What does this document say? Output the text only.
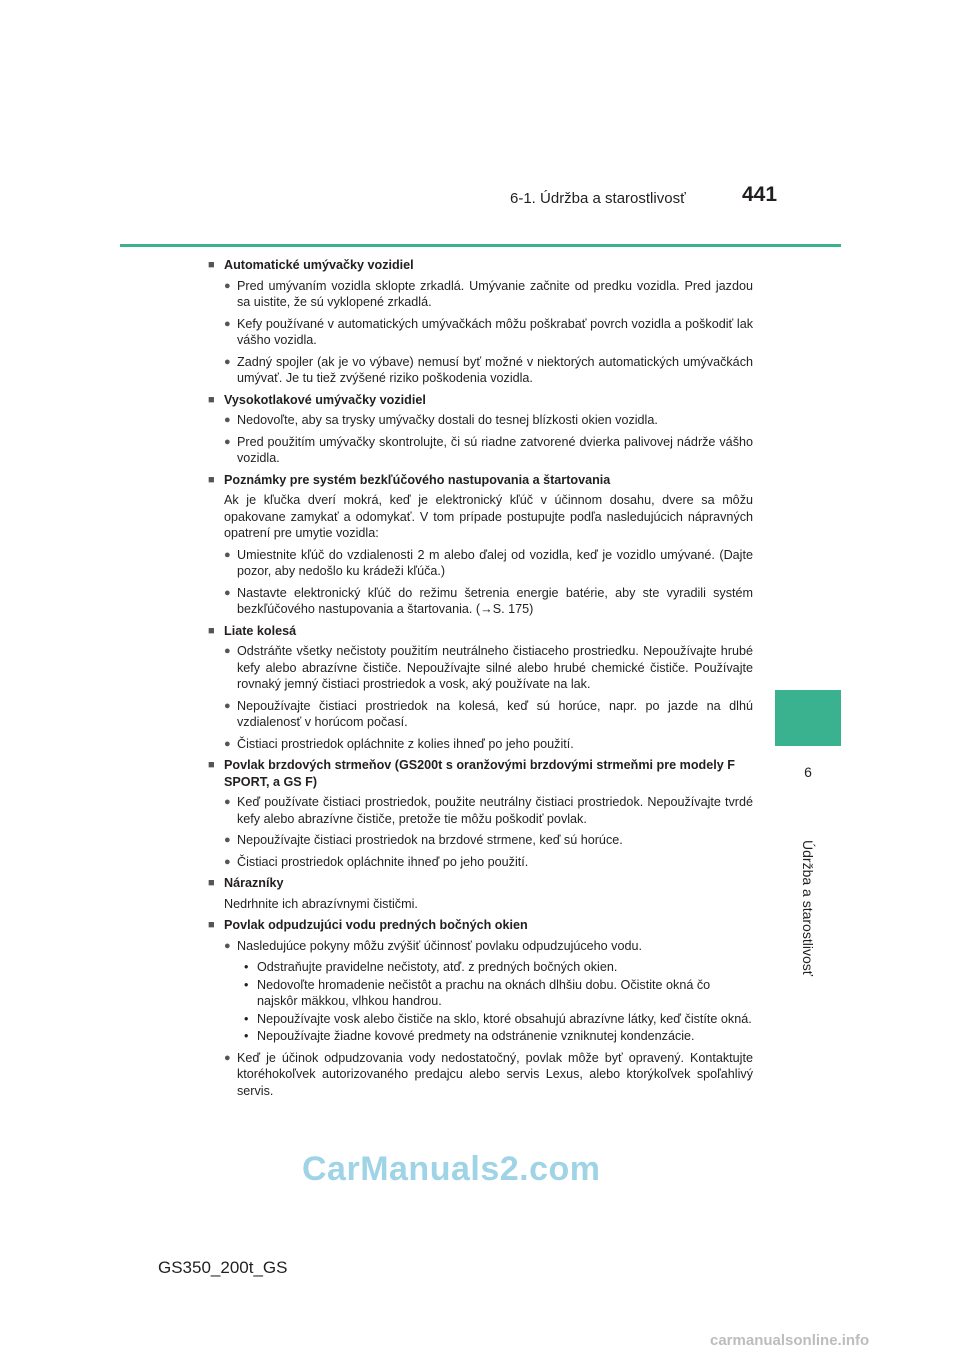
6-1. Údržba a starostlivosť	441
6
Údržba a starostlivosť
■ Automatické umývačky vozidiel
● Pred umývaním vozidla sklopte zrkadlá. Umývanie začnite od predku vozidla. Pred jazdou sa uistite, že sú vyklopené zrkadlá.
● Kefy používané v automatických umývačkách môžu poškrabať povrch vozidla a poškodiť lak vášho vozidla.
● Zadný spojler (ak je vo výbave) nemusí byť možné v niektorých automatických umývačkách umývať. Je tu tiež zvýšené riziko poškodenia vozidla.
■ Vysokotlakové umývačky vozidiel
● Nedovoľte, aby sa trysky umývačky dostali do tesnej blízkosti okien vozidla.
● Pred použitím umývačky skontrolujte, či sú riadne zatvorené dvierka palivovej nádrže vášho vozidla.
■ Poznámky pre systém bezkľúčového nastupovania a štartovania
Ak je kľučka dverí mokrá, keď je elektronický kľúč v účinnom dosahu, dvere sa môžu opakovane zamykať a odomykať. V tom prípade postupujte podľa nasledujúcich nápravných opatrení pre umytie vozidla:
● Umiestnite kľúč do vzdialenosti 2 m alebo ďalej od vozidla, keď je vozidlo umývané. (Dajte pozor, aby nedošlo ku krádeži kľúča.)
● Nastavte elektronický kľúč do režimu šetrenia energie batérie, aby ste vyradili systém bezkľúčového nastupovania a štartovania. (→S. 175)
■ Liate kolesá
● Odstráňte všetky nečistoty použitím neutrálneho čistiaceho prostriedku. Nepoužívajte hrubé kefy alebo abrazívne čističe. Nepoužívajte silné alebo hrubé chemické čističe. Používajte rovnaký jemný čistiaci prostriedok a vosk, aký používate na lak.
● Nepoužívajte čistiaci prostriedok na kolesá, keď sú horúce, napr. po jazde na dlhú vzdialenosť v horúcom počasí.
● Čistiaci prostriedok opláchnite z kolies ihneď po jeho použití.
■ Povlak brzdových strmeňov (GS200t s oranžovými brzdovými strmeňmi pre modely F SPORT, a GS F)
● Keď používate čistiaci prostriedok, použite neutrálny čistiaci prostriedok. Nepoužívajte tvrdé kefy alebo abrazívne čističe, pretože tie môžu poškodiť povlak.
● Nepoužívajte čistiaci prostriedok na brzdové strmene, keď sú horúce.
● Čistiaci prostriedok opláchnite ihneď po jeho použití.
■ Nárazníky
Nedrhnite ich abrazívnymi čističmi.
■ Povlak odpudzujúci vodu predných bočných okien
● Nasledujúce pokyny môžu zvýšiť účinnosť povlaku odpudzujúceho vodu.
• Odstraňujte pravidelne nečistoty, atď. z predných bočných okien.
• Nedovoľte hromadenie nečistôt a prachu na oknách dlhšiu dobu. Očistite okná čo najskôr mäkkou, vlhkou handrou.
• Nepoužívajte vosk alebo čističe na sklo, ktoré obsahujú abrazívne látky, keď čistíte okná.
• Nepoužívajte žiadne kovové predmety na odstránenie vzniknutej kondenzácie.
● Keď je účinok odpudzovania vody nedostatočný, povlak môže byť opravený. Kontaktujte ktoréhokoľvek autorizovaného predajcu alebo servis Lexus, alebo ktorýkoľvek spoľahlivý servis.
CarManuals2.com
GS350_200t_GS
carmanualsonline.info
